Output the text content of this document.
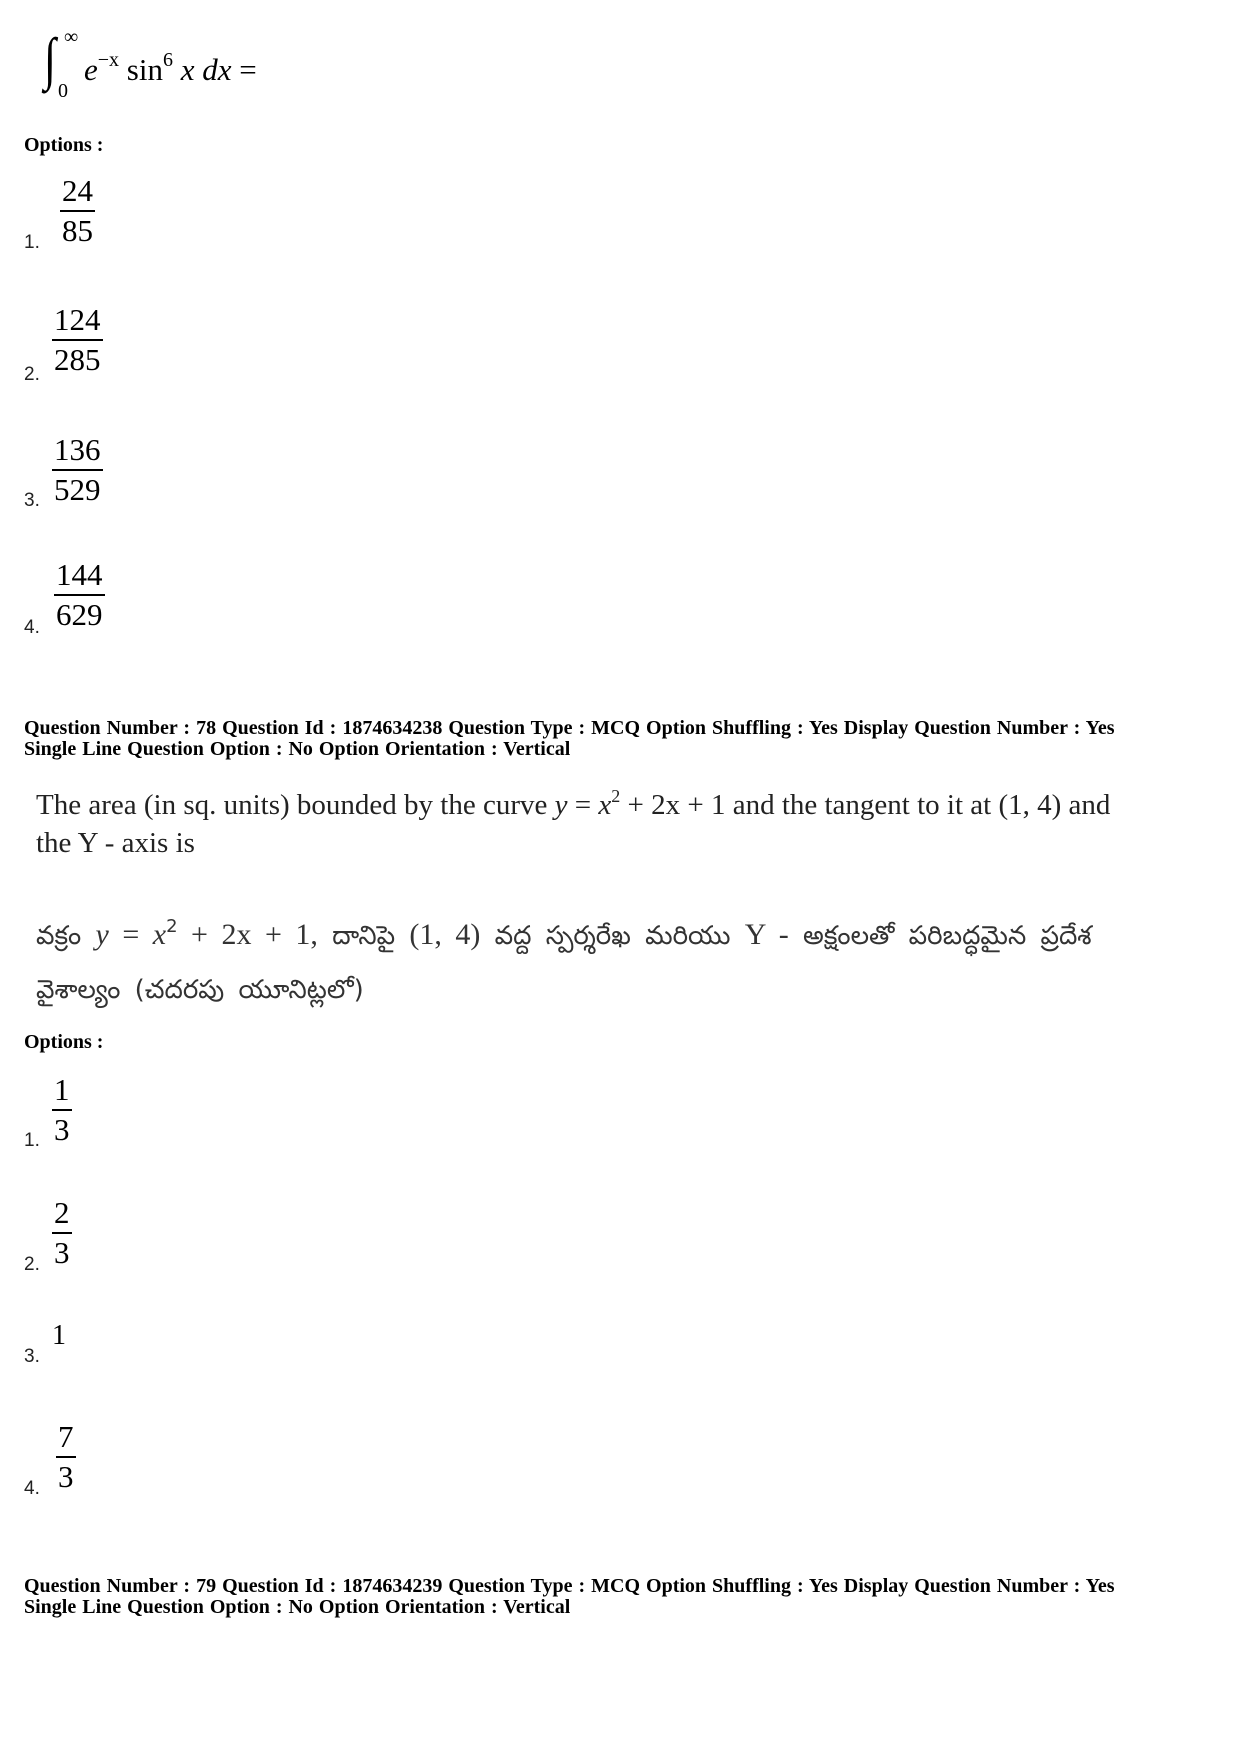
∫ ∞
0
$e^{-x}$ $\sin^6 x$ dx =
Options :
1. $\frac{24}{85}$
2. $\frac{124}{285}$
3. $\frac{136}{529}$
4. $\frac{144}{629}$
Question Number : 78 Question Id : 1874634238 Question Type : MCQ Option Shuffling : Yes Display Question Number : Yes
Single Line Question Option : No Option Orientation : Vertical
The area (in sq. units) bounded by the curve $y = x^2 + 2x + 1$ and the tangent to it at (1, 4) and
the Y - axis is
వక్రం $y = x^2 + 2x + 1$, దానిపై (1, 4) వద్ద స్పర్శరేఖ మరియు Y - అక్షంలతో పరిబద్ధమైన ప్రదేశ
వైశాల్యం (చదరపు యూనిట్లలో)
Options :
1. $\frac{1}{3}$
2. $\frac{2}{3}$
3.
1
4. $\frac{7}{3}$
Question Number : 79 Question Id : 1874634239 Question Type : MCQ Option Shuffling : Yes Display Question Number : Yes
Single Line Question Option : No Option Orientation : Vertical
